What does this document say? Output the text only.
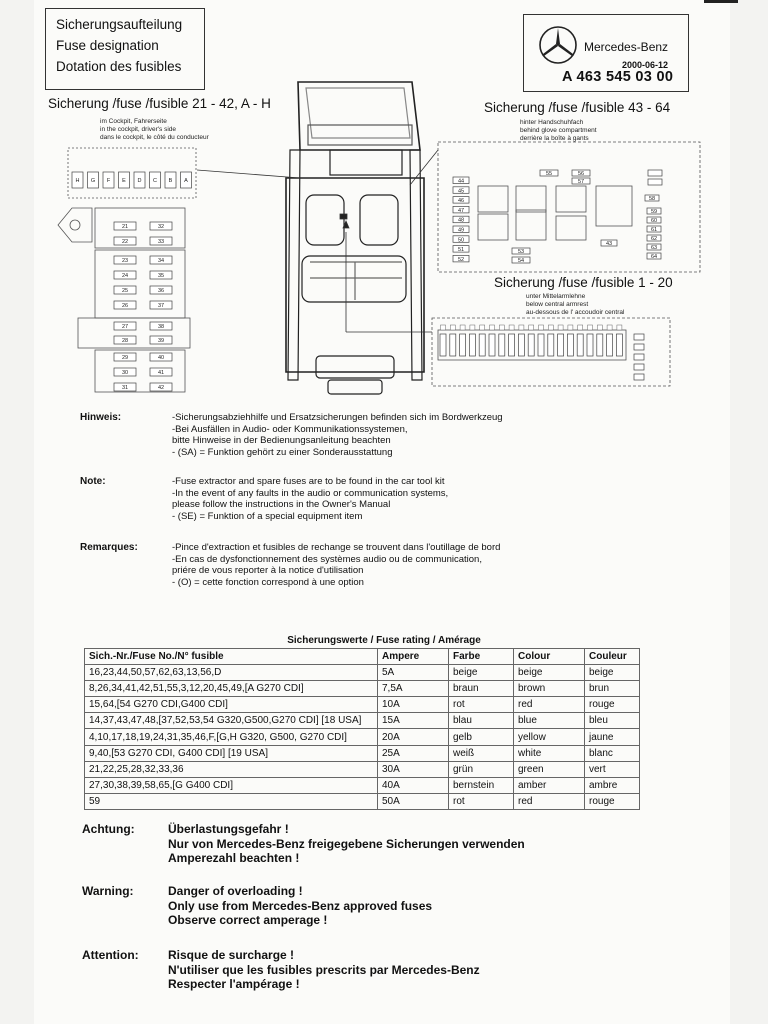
Sicherungsaufteilung
Fuse designation
Dotation des fusibles
Mercedes-Benz
2000-06-12
A 463 545 03 00
Sicherung /fuse /fusible 21 - 42, A - H
im Cockpit, Fahrerseite
in the cockpit, driver's side
dans le cockpit, le côté du conducteur
Sicherung /fuse /fusible 43 - 64
hinter Handschuhfach
behind glove compartment
derrière la boîte à gants
Sicherung /fuse /fusible 1 - 20
unter Mittelarmlehne
below central armrest
au-dessous de l' accoudoir central
H G F E D C B A
21	32
22	33
23	34
24	35
25	36
26	37
27	38
28	39
29	40
30	41
31	42
44
45
46
47
48
49
50
51
52
59
60
61
62
63
64
55	56
57
58
53
54
43
Hinweis:	-Sicherungsabziehhilfe und Ersatzsicherungen befinden sich im Bordwerkzeug
-Bei Ausfällen in Audio- oder Kommunikationssystemen,
bitte Hinweise in der Bedienungsanleitung beachten
- (SA) = Funktion gehört zu einer Sonderausstattung
Note:	-Fuse extractor and spare fuses are to be found in the car tool kit
-In the event of any faults in the audio or communication systems,
please follow the instructions in the Owner's Manual
- (SE) = Funktion of a special equipment item
Remarques:	-Pince d'extraction et fusibles de rechange se trouvent dans l'outillage de bord
-En cas de dysfonctionnement des systèmes audio ou de communication,
priére de vous reporter à la notice d'utilisation
- (O) = cette fonction correspond à une option
Sicherungswerte / Fuse rating / Amérage
Sich.-Nr./Fuse No./N° fusible	Ampere	Farbe	Colour	Couleur
16,23,44,50,57,62,63,13,56,D	5A	beige	beige	beige
8,26,34,41,42,51,55,3,12,20,45,49,[A G270 CDI]	7,5A	braun	brown	brun
15,64,[54 G270 CDI,G400 CDI]	10A	rot	red	rouge
14,37,43,47,48,[37,52,53,54 G320,G500,G270 CDI] [18 USA]	15A	blau	blue	bleu
4,10,17,18,19,24,31,35,46,F,[G,H G320, G500, G270 CDI]	20A	gelb	yellow	jaune
9,40,[53 G270 CDI, G400 CDI] [19 USA]	25A	weiß	white	blanc
21,22,25,28,32,33,36	30A	grün	green	vert
27,30,38,39,58,65,[G G400 CDI]	40A	bernstein	amber	ambre
59	50A	rot	red	rouge
Achtung:	Überlastungsgefahr !
Nur von Mercedes-Benz freigegebene Sicherungen verwenden
Amperezahl beachten !
Warning:	Danger of overloading !
Only use from Mercedes-Benz approved fuses
Observe correct amperage !
Attention: Risque de surcharge !
N'utiliser que les fusibles prescrits par Mercedes-Benz
Respecter l'ampérage !
